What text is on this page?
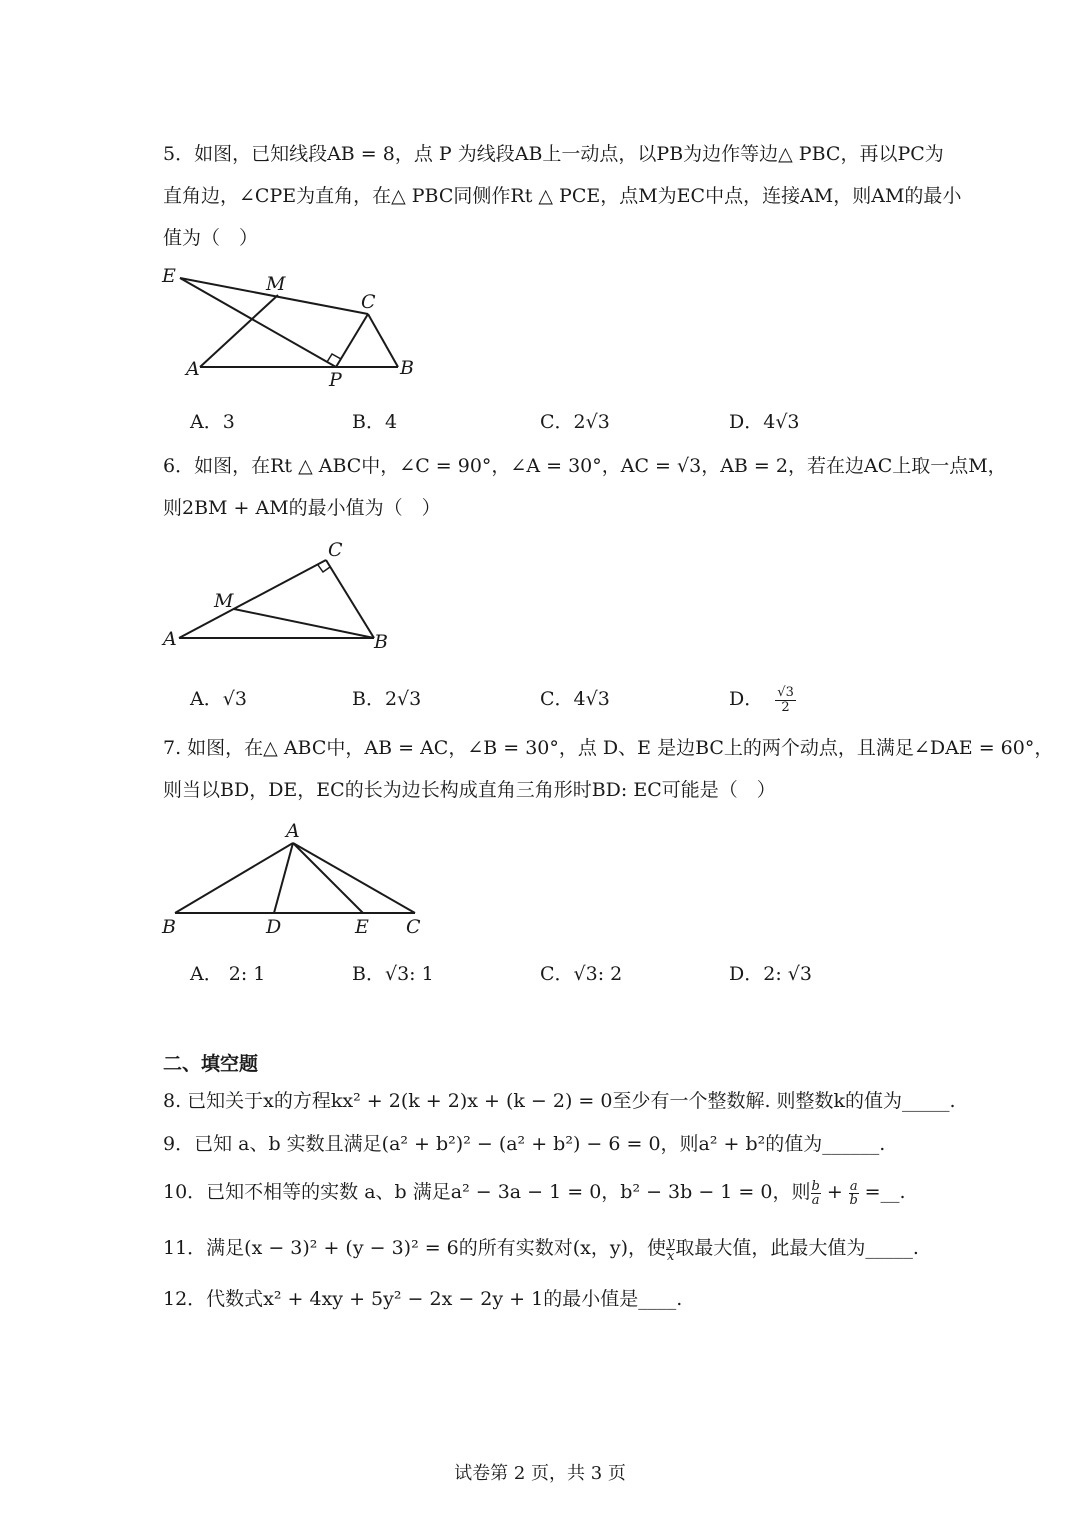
5．如图，已知线段AB = 8，点 P 为线段AB上一动点，以PB为边作等边△ PBC，再以PC为
直角边，∠CPE为直角，在△ PBC同侧作Rt △ PCE，点M为EC中点，连接AM，则AM的最小
值为（　）
E	M
C
A	P
B
A．3	B．4	C．2√3	D．4√3
6．如图，在Rt △ ABC中，∠C = 90°，∠A = 30°，AC = √3，AB = 2，若在边AC上取一点M，
则2BM + AM的最小值为（　）
C
M
A	B
A．√3	B．2√3	C．4√3	D． $\frac{√3}{2}$
7. 如图，在△ ABC中，AB = AC，∠B = 30°，点 D、E 是边BC上的两个动点，且满足∠DAE = 60°，
则当以BD，DE，EC的长为边长构成直角三角形时BD: EC可能是（　）
A
B	D	E C
A． 2: 1	B．√3: 1	C．√3: 2	D．2: √3
二、填空题
8. 已知关于x的方程kx² + 2(k + 2)x + (k − 2) = 0至少有一个整数解. 则整数k的值为_____.
9．已知 a、b 实数且满足(a² + b²)² − (a² + b²) − 6 = 0，则a² + b²的值为______.
10．已知不相等的实数 a、b 满足a² − 3a − 1 = 0，b² − 3b − 1 = 0，则 $\frac{b}{a} + \frac{a}{b}$ =__.
11．满足(x − 3)² + (y − 3)² = 6的所有实数对(x，y)，使 $\frac{y}{x}$ 取最大值，此最大值为_____.
12．代数式x² + 4xy + 5y² − 2x − 2y + 1的最小值是____.
试卷第 2 页，共 3 页
